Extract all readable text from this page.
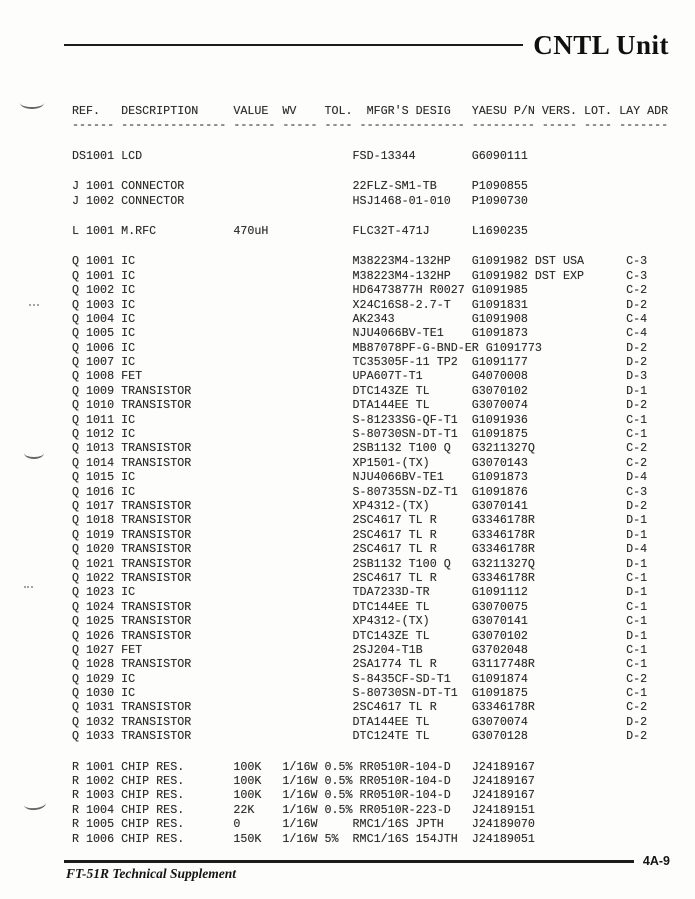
CNTL Unit
REF.   DESCRIPTION     VALUE  WV    TOL.  MFGR'S DESIG   YAESU P/N VERS. LOT. LAY ADR
------ --------------- ------ ----- ---- --------------- --------- ----- ---- -------
DS1001 LCD                              FSD-13344        G6090111
J 1001 CONNECTOR                        22FLZ-SM1-TB     P1090855
J 1002 CONNECTOR                        HSJ1468-01-010   P1090730
L 1001 M.RFC           470uH            FLC32T-471J      L1690235
Q 1001 IC                               M38223M4-132HP   G1091982 DST USA      C-3
Q 1001 IC                               M38223M4-132HP   G1091982 DST EXP      C-3
Q 1002 IC                               HD6473877H R0027 G1091985              C-2
Q 1003 IC                               X24C16S8-2.7-T   G1091831              D-2
Q 1004 IC                               AK2343           G1091908              C-4
Q 1005 IC                               NJU4066BV-TE1    G1091873              C-4
Q 1006 IC                               MB87078PF-G-BND-ER G1091773            D-2
Q 1007 IC                               TC35305F-11 TP2  G1091177              D-2
Q 1008 FET                              UPA607T-T1       G4070008              D-3
Q 1009 TRANSISTOR                       DTC143ZE TL      G3070102              D-1
Q 1010 TRANSISTOR                       DTA144EE TL      G3070074              D-2
Q 1011 IC                               S-81233SG-QF-T1  G1091936              C-1
Q 1012 IC                               S-80730SN-DT-T1  G1091875              C-1
Q 1013 TRANSISTOR                       2SB1132 T100 Q   G3211327Q             C-2
Q 1014 TRANSISTOR                       XP1501-(TX)      G3070143              C-2
Q 1015 IC                               NJU4066BV-TE1    G1091873              D-4
Q 1016 IC                               S-80735SN-DZ-T1  G1091876              C-3
Q 1017 TRANSISTOR                       XP4312-(TX)      G3070141              D-2
Q 1018 TRANSISTOR                       2SC4617 TL R     G3346178R             D-1
Q 1019 TRANSISTOR                       2SC4617 TL R     G3346178R             D-1
Q 1020 TRANSISTOR                       2SC4617 TL R     G3346178R             D-4
Q 1021 TRANSISTOR                       2SB1132 T100 Q   G3211327Q             D-1
Q 1022 TRANSISTOR                       2SC4617 TL R     G3346178R             C-1
Q 1023 IC                               TDA7233D-TR      G1091112              D-1
Q 1024 TRANSISTOR                       DTC144EE TL      G3070075              C-1
Q 1025 TRANSISTOR                       XP4312-(TX)      G3070141              C-1
Q 1026 TRANSISTOR                       DTC143ZE TL      G3070102              D-1
Q 1027 FET                              2SJ204-T1B       G3702048              C-1
Q 1028 TRANSISTOR                       2SA1774 TL R     G3117748R             C-1
Q 1029 IC                               S-8435CF-SD-T1   G1091874              C-2
Q 1030 IC                               S-80730SN-DT-T1  G1091875              C-1
Q 1031 TRANSISTOR                       2SC4617 TL R     G3346178R             C-2
Q 1032 TRANSISTOR                       DTA144EE TL      G3070074              D-2
Q 1033 TRANSISTOR                       DTC124TE TL      G3070128              D-2
R 1001 CHIP RES.       100K   1/16W 0.5% RR0510R-104-D   J24189167
R 1002 CHIP RES.       100K   1/16W 0.5% RR0510R-104-D   J24189167
R 1003 CHIP RES.       100K   1/16W 0.5% RR0510R-104-D   J24189167
R 1004 CHIP RES.       22K    1/16W 0.5% RR0510R-223-D   J24189151
R 1005 CHIP RES.       0      1/16W     RMC1/16S JPTH    J24189070
R 1006 CHIP RES.       150K   1/16W 5%  RMC1/16S 154JTH  J24189051
4A-9
FT-51R Technical Supplement
